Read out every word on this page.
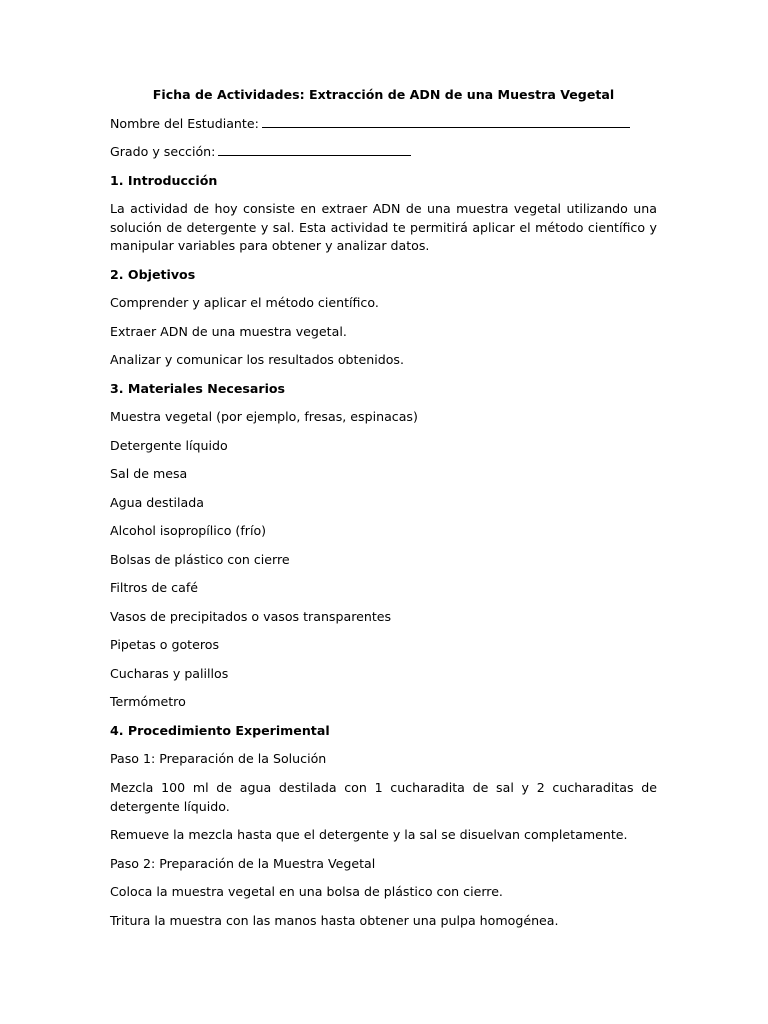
Ficha de Actividades: Extracción de ADN de una Muestra Vegetal
Nombre del Estudiante:
Grado y sección:
1. Introducción
La actividad de hoy consiste en extraer ADN de una muestra vegetal utilizando una solución de detergente y sal. Esta actividad te permitirá aplicar el método científico y manipular variables para obtener y analizar datos.
2. Objetivos
Comprender y aplicar el método científico.
Extraer ADN de una muestra vegetal.
Analizar y comunicar los resultados obtenidos.
3. Materiales Necesarios
Muestra vegetal (por ejemplo, fresas, espinacas)
Detergente líquido
Sal de mesa
Agua destilada
Alcohol isopropílico (frío)
Bolsas de plástico con cierre
Filtros de café
Vasos de precipitados o vasos transparentes
Pipetas o goteros
Cucharas y palillos
Termómetro
4. Procedimiento Experimental
Paso 1: Preparación de la Solución
Mezcla 100 ml de agua destilada con 1 cucharadita de sal y 2 cucharaditas de detergente líquido.
Remueve la mezcla hasta que el detergente y la sal se disuelvan completamente.
Paso 2: Preparación de la Muestra Vegetal
Coloca la muestra vegetal en una bolsa de plástico con cierre.
Tritura la muestra con las manos hasta obtener una pulpa homogénea.
